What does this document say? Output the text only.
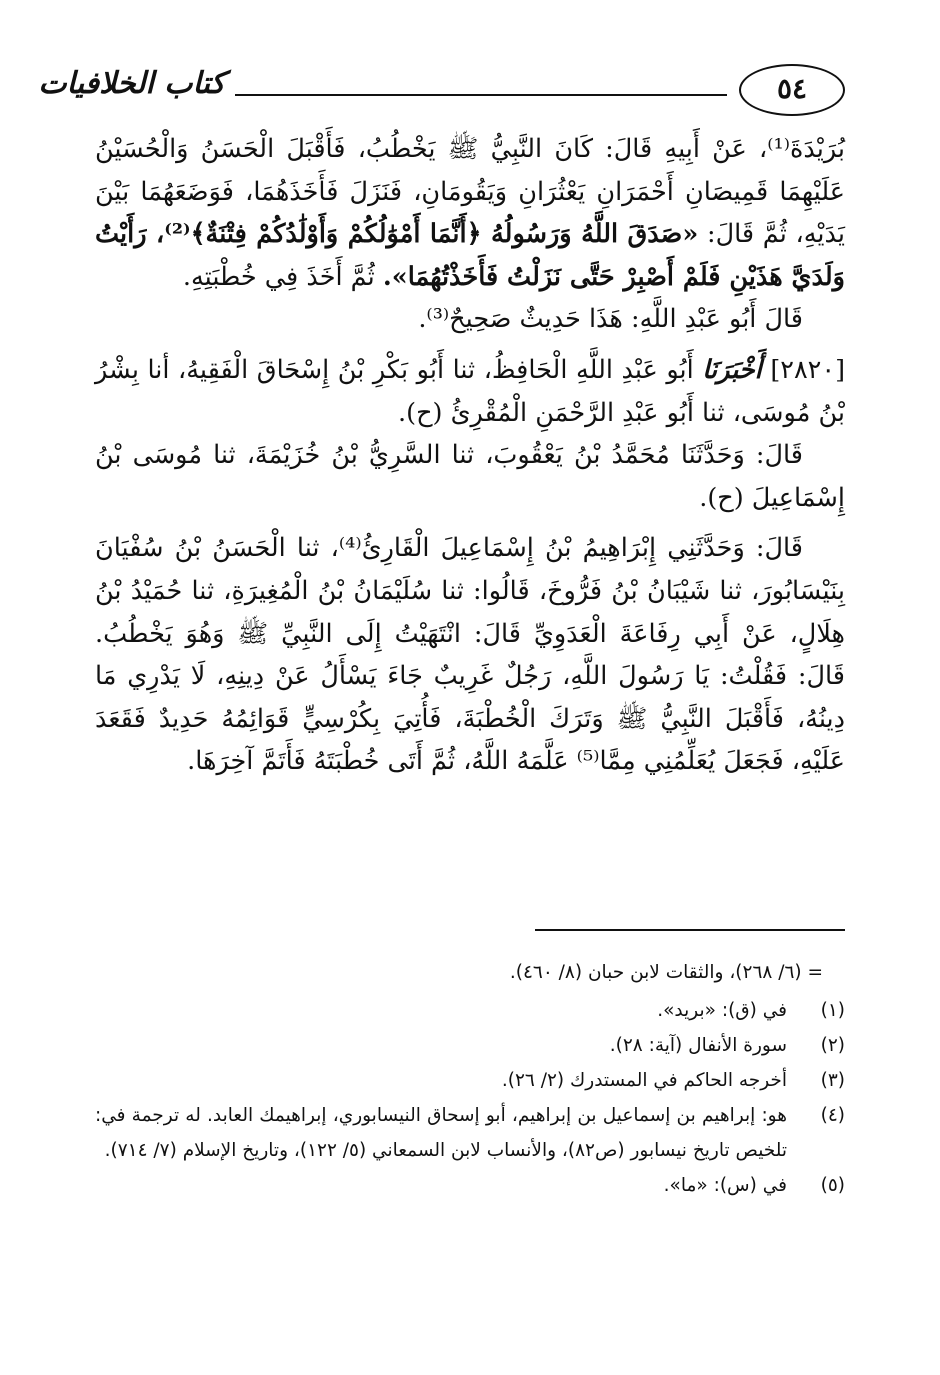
كتاب الخلافيات	٥٤

بُرَيْدَةَ⁽¹⁾، عَنْ أَبِيهِ قَالَ: كَانَ النَّبِيُّ ﷺ يَخْطُبُ، فَأَقْبَلَ الْحَسَنُ وَالْحُسَيْنُ عَلَيْهِمَا قَمِيصَانِ أَحْمَرَانِ يَعْثُرَانِ وَيَقُومَانِ، فَنَزَلَ فَأَخَذَهُمَا، فَوَضَعَهُمَا بَيْنَ يَدَيْهِ، ثُمَّ قَالَ: «صَدَقَ اللَّهُ وَرَسُولُهُ ﴿أَنَّمَا أَمْوَٰلُكُمْ وَأَوْلَٰدُكُمْ فِتْنَةٌ﴾⁽²⁾، رَأَيْتُ وَلَدَيَّ هَذَيْنِ فَلَمْ أَصْبِرْ حَتَّى نَزَلْتُ فَأَخَذْتُهُمَا». ثُمَّ أَخَذَ فِي خُطْبَتِهِ.

قَالَ أَبُو عَبْدِ اللَّهِ: هَذَا حَدِيثٌ صَحِيحٌ⁽³⁾.

[٢٨٢٠] أَخْبَرَنَا أَبُو عَبْدِ اللَّهِ الْحَافِظُ، ثنا أَبُو بَكْرِ بْنُ إِسْحَاقَ الْفَقِيهُ، أنا بِشْرُ بْنُ مُوسَى، ثنا أَبُو عَبْدِ الرَّحْمَنِ الْمُقْرِئُ (ح).

قَالَ: وَحَدَّثَنَا مُحَمَّدُ بْنُ يَعْقُوبَ، ثنا السَّرِيُّ بْنُ خُزَيْمَةَ، ثنا مُوسَى بْنُ إِسْمَاعِيلَ (ح).

قَالَ: وَحَدَّثَنِي إِبْرَاهِيمُ بْنُ إِسْمَاعِيلَ الْقَارِئُ⁽⁴⁾، ثنا الْحَسَنُ بْنُ سُفْيَانَ بِنَيْسَابُورَ، ثنا شَيْبَانُ بْنُ فَرُّوخَ، قَالُوا: ثنا سُلَيْمَانُ بْنُ الْمُغِيرَةِ، ثنا حُمَيْدُ بْنُ هِلَالٍ، عَنْ أَبِي رِفَاعَةَ الْعَدَوِيِّ قَالَ: انْتَهَيْتُ إِلَى النَّبِيِّ ﷺ وَهُوَ يَخْطُبُ. قَالَ: فَقُلْتُ: يَا رَسُولَ اللَّهِ، رَجُلٌ غَرِيبٌ جَاءَ يَسْأَلُ عَنْ دِينِهِ، لَا يَدْرِي مَا دِينُهُ، فَأَقْبَلَ النَّبِيُّ ﷺ وَتَرَكَ الْخُطْبَةَ، فَأُتِيَ بِكُرْسِيٍّ قَوَائِمُهُ حَدِيدٌ فَقَعَدَ عَلَيْهِ، فَجَعَلَ يُعَلِّمُنِي مِمَّا⁽⁵⁾ عَلَّمَهُ اللَّهُ، ثُمَّ أَتَى خُطْبَتَهُ فَأَتَمَّ آخِرَهَا.

= (٦/ ٢٦٨)، والثقات لابن حبان (٨/ ٤٦٠).

(١)
في (ق): «بريد».
(٢)
سورة الأنفال (آية: ٢٨).
(٣)
أخرجه الحاكم في المستدرك (٢/ ٢٦).
(٤)
هو: إبراهيم بن إسماعيل بن إبراهيم، أبو إسحاق النيسابوري، إبراهيمك العابد. له ترجمة في: تلخيص تاريخ نيسابور (ص٨٢)، والأنساب لابن السمعاني (٥/ ١٢٢)، وتاريخ الإسلام (٧/ ٧١٤).
(٥)
في (س): «ما».
